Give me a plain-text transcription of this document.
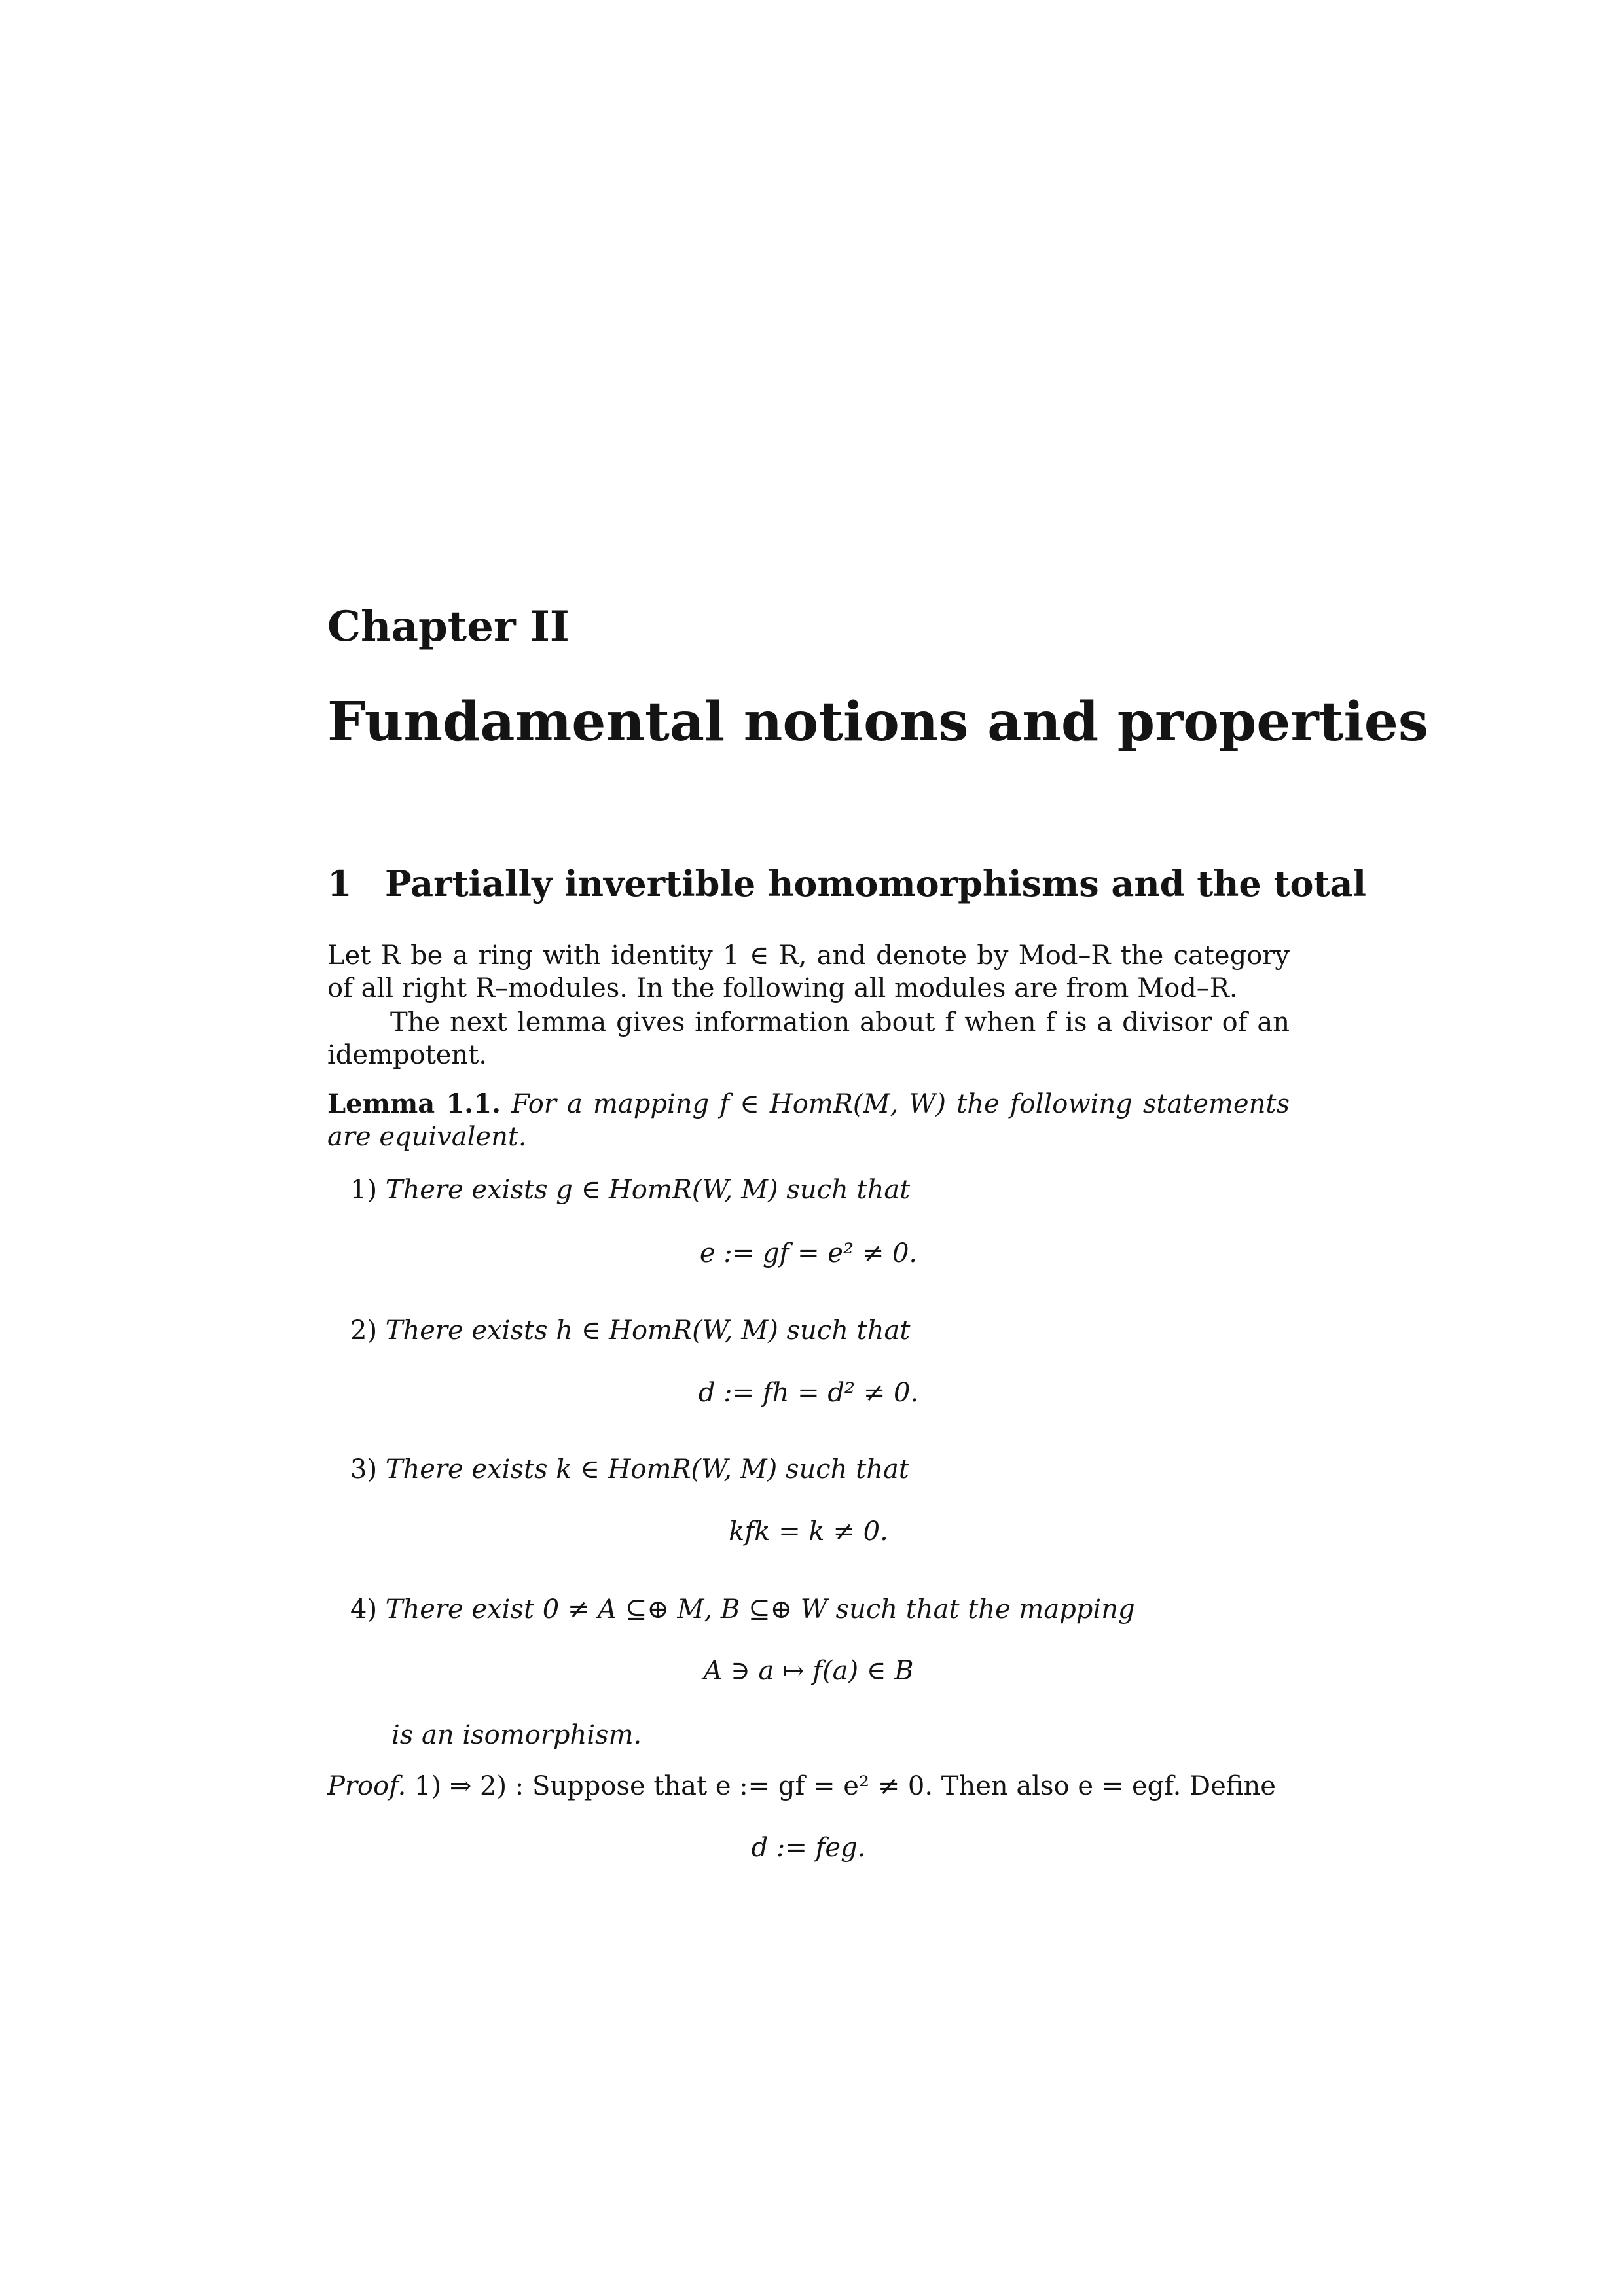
Chapter II
Fundamental notions and properties
1 Partially invertible homomorphisms and the total

Let R be a ring with identity 1 ∈ R, and denote by Mod–R the category of all right R–modules. In the following all modules are from Mod–R.

The next lemma gives information about f when f is a divisor of an idempotent.

Lemma 1.1. For a mapping f ∈ HomR(M, W) the following statements are equivalent.

1) There exists g ∈ HomR(W, M) such that
e := gf = e² ≠ 0.
2) There exists h ∈ HomR(W, M) such that
d := fh = d² ≠ 0.
3) There exists k ∈ HomR(W, M) such that
kfk = k ≠ 0.
4) There exist 0 ≠ A ⊆⊕ M, B ⊆⊕ W such that the mapping
A ∋ a ↦ f(a) ∈ B
is an isomorphism.
Proof. 1) ⇒ 2) : Suppose that e := gf = e² ≠ 0. Then also e = egf. Define
d := feg.
